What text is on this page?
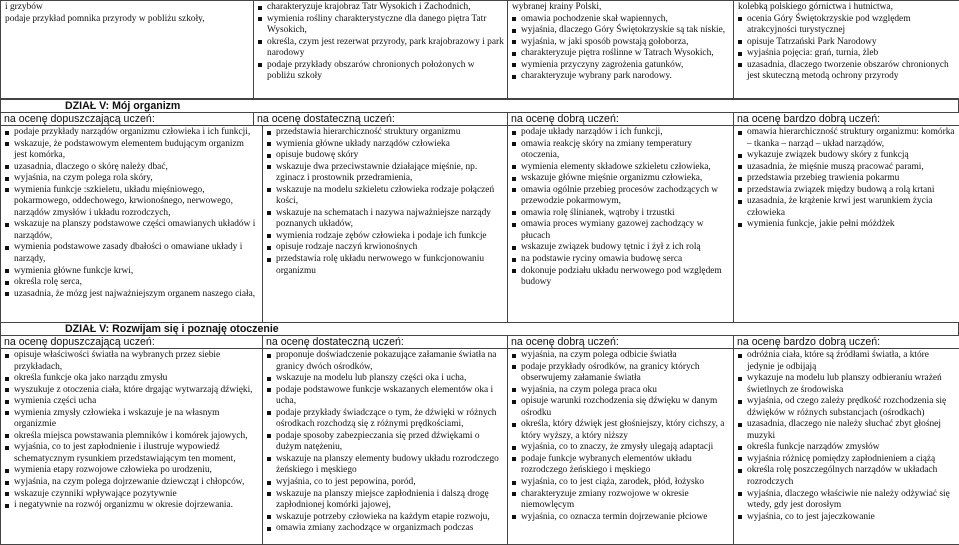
i grzybów
podaje przykład pomnika przyrody w pobliżu szkoły,

charakteryzuje krajobraz Tatr Wysokich i Zachodnich,
wymienia rośliny charakterystyczne dla danego piętra Tatr Wysokich,
określa, czym jest rezerwat przyrody, park krajobrazowy i park narodowy
podaje przykłady obszarów chronionych położonych w pobliżu szkoły

wybranej krainy Polski,
omawia pochodzenie skał wapiennych,
wyjaśnia, dlaczego Góry Świętokrzyskie są tak niskie,
wyjaśnia, w jaki sposób powstają gołoborza,
charakteryzuje piętra roślinne w Tatrach Wysokich,
wymienia przyczyny zagrożenia gatunków,
charakteryzuje wybrany park narodowy.

kolebką polskiego górnictwa i hutnictwa,
ocenia Góry Świętokrzyskie pod względem atrakcyjności turystycznej
opisuje Tatrzański Park Narodowy
wyjaśnia pojęcia: grań, turnia, żleb
uzasadnia, dlaczego tworzenie obszarów chronionych jest skuteczną metodą ochrony przyrody
DZIAŁ V: Mój organizm
na ocenę dopuszczającą uczeń:	na ocenę dostateczną uczeń:	na ocenę dobrą uczeń:	na ocenę bardzo dobrą uczeń:
podaje przykłady narządów organizmu człowieka i ich funkcji,
wskazuje, że podstawowym elementem budującym organizm jest komórka,
uzasadnia, dlaczego o skórę należy dbać,
wyjaśnia, na czym polega rola skóry,
wymienia funkcje :szkieletu, układu mięśniowego, pokarmowego, oddechowego, krwionośnego, nerwowego, narządów zmysłów i układu rozrodczych,
wskazuje na planszy podstawowe części omawianych układów i narządów,
wymienia podstawowe zasady dbałości o omawiane układy i narządy,
wymienia główne funkcje krwi,
określa rolę serca,
uzasadnia, że mózg jest najważniejszym organem naszego ciała,

przedstawia hierarchiczność struktury organizmu
wymienia główne układy narządów człowieka
opisuje budowę skóry
wskazuje dwa przeciwstawnie działające mięśnie, np. zginacz i prostownik przedramienia,
wskazuje na modelu szkieletu człowieka rodzaje połączeń kości,
wskazuje na schematach i nazywa najważniejsze narządy poznanych układów,
wymienia rodzaje zębów człowieka i podaje ich funkcje
opisuje rodzaje naczyń krwionośnych
przedstawia rolę układu nerwowego w funkcjonowaniu organizmu

podaje układy narządów i ich funkcji,
omawia reakcję skóry na zmiany temperatury otoczenia,
wymienia elementy składowe szkieletu człowieka,
wskazuje główne mięśnie organizmu człowieka,
omawia ogólnie przebieg procesów zachodzących w przewodzie pokarmowym,
omawia rolę ślinianek, wątroby i trzustki
omawia proces wymiany gazowej zachodzący w płucach
wskazuje związek budowy tętnic i żył z ich rolą
na podstawie ryciny omawia budowę serca
dokonuje podziału układu nerwowego pod względem budowy

omawia hierarchiczność struktury organizmu: komórka – tkanka – narząd – układ narządów,
wykazuje związek budowy skóry z funkcją
uzasadnia, że mięśnie muszą pracować parami,
przedstawia przebieg trawienia pokarmu
przedstawia związek między budową a rolą krtani
uzasadnia, że krążenie krwi jest warunkiem życia człowieka
wymienia funkcje, jakie pełni móżdżek
DZIAŁ V: Rozwijam się i poznaję otoczenie
na ocenę dopuszczającą uczeń:	na ocenę dostateczną uczeń:	na ocenę dobrą uczeń:	na ocenę bardzo dobrą uczeń:
opisuje właściwości światła na wybranych przez siebie przykładach,
określa funkcje oka jako narządu zmysłu
wyszukuje z otoczenia ciała, które drgając wytwarzają dźwięki,
wymienia części ucha
wymienia zmysły człowieka i wskazuje je na własnym organizmie
określa miejsca powstawania plemników i komórek jajowych,
wyjaśnia, co to jest zapłodnienie i ilustruje wypowiedź schematycznym rysunkiem przedstawiającym ten moment,
wymienia etapy rozwojowe człowieka po urodzeniu,
wyjaśnia, na czym polega dojrzewanie dziewcząt i chłopców,
wskazuje czynniki wpływające pozytywnie
i negatywnie na rozwój organizmu w okresie dojrzewania.

proponuje doświadczenie pokazujące załamanie światła na granicy dwóch ośrodków,
wskazuje na modelu lub planszy części oka i ucha,
podaje podstawowe funkcje wskazanych elementów oka i ucha,
podaje przykłady świadczące o tym, że dźwięki w różnych ośrodkach rozchodzą się z różnymi prędkościami,
podaje sposoby zabezpieczania się przed dźwiękami o dużym natężeniu,
wskazuje na planszy elementy budowy układu rozrodczego żeńskiego i męskiego
wyjaśnia, co to jest pepowina, poród,
wskazuje na planszy miejsce zapłodnienia i dalszą drogę zapłodnionej komórki jajowej,
wskazuje potrzeby człowieka na każdym etapie rozwoju,
omawia zmiany zachodzące w organizmach podczas

wyjaśnia, na czym polega odbicie światła
podaje przykłady ośrodków, na granicy których obserwujemy załamanie światła
wyjaśnia, na czym polega praca oku
opisuje warunki rozchodzenia się dźwięku w danym ośrodku
określa, który dźwięk jest głośniejszy, który cichszy, a który wyższy, a który niższy
wyjaśnia, co to znaczy, że zmysły ulegają adaptacji
podaje funkcje wybranych elementów układu rozrodczego żeńskiego i męskiego
wyjaśnia, co to jest ciąża, zarodek, płód, łożysko
charakteryzuje zmiany rozwojowe w okresie niemowlęcym
wyjaśnia, co oznacza termin dojrzewanie płciowe

odróżnia ciała, które są źródłami światła, a które jedynie je odbijają
wykazuje na modelu lub planszy odbieraniu wrażeń świetlnych ze środowiska
wyjaśnia, od czego zależy prędkość rozchodzenia się dźwięków w różnych substancjach (ośrodkach)
uzasadnia, dlaczego nie należy słuchać zbyt głośnej muzyki
określa funkcje narządów zmysłów
wyjaśnia różnicę pomiędzy zapłodnieniem a ciążą
określa rolę poszczególnych narządów w układach rozrodczych
wyjaśnia, dlaczego właściwie nie należy odżywiać się wtedy, gdy jest dorosłym
wyjaśnia, co to jest jajeczkowanie
